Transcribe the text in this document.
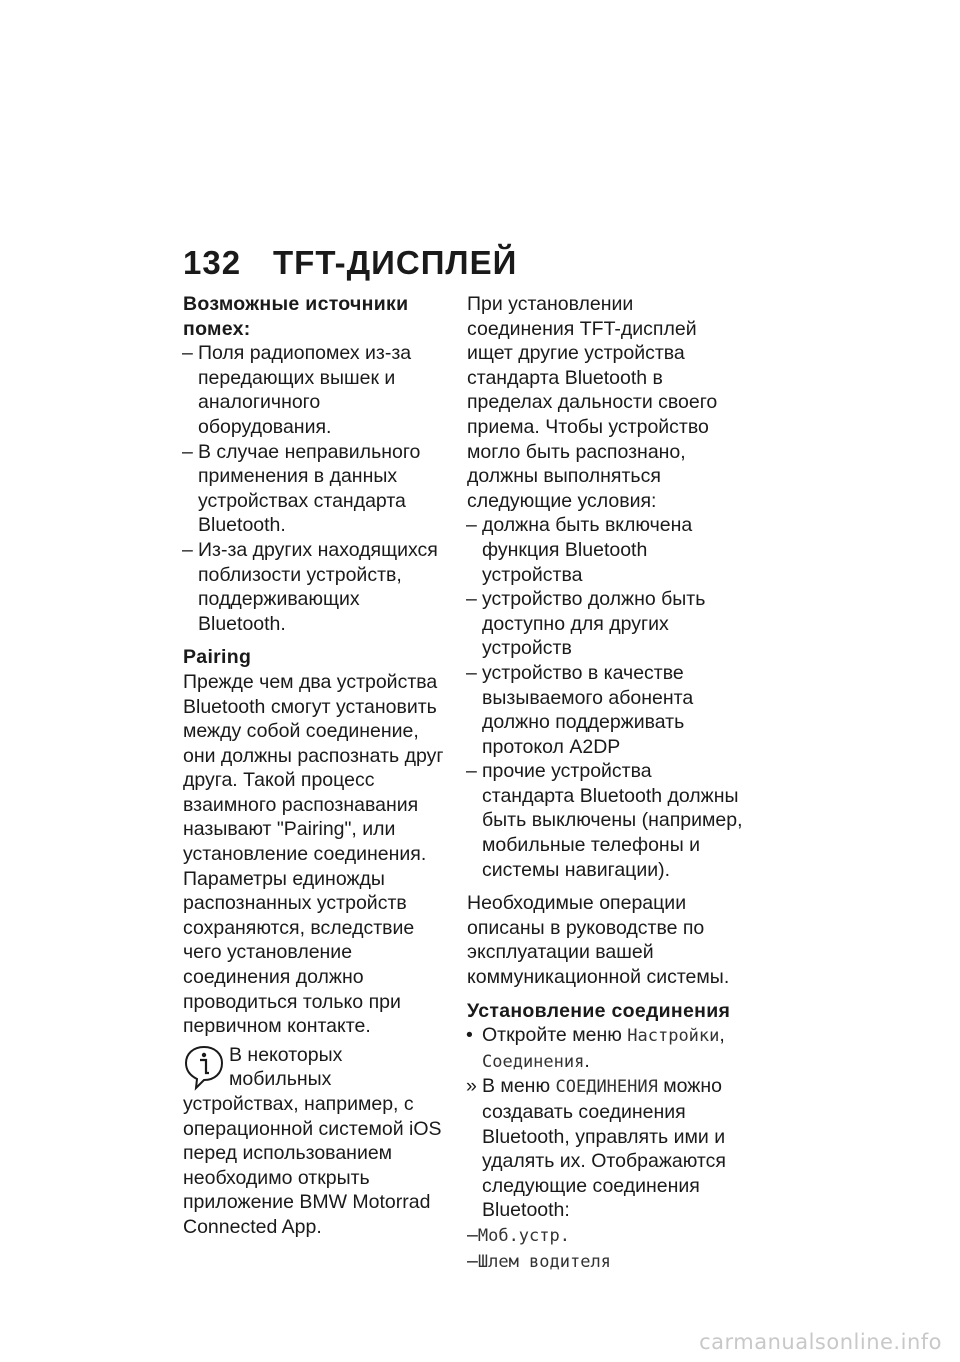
132 TFT-ДИСПЛЕЙ
Возможные источники помех:
– Поля радиопомех из-за передающих вышек и аналогичного оборудования.
– В случае неправильного применения в данных устройствах стандарта Bluetooth.
– Из-за других находящихся поблизости устройств, поддерживающих Bluetooth.
Pairing

Прежде чем два устройства Bluetooth смогут установить между собой соединение, они должны распознать друг друга. Такой процесс взаимного распознавания называют "Pairing", или установление соединения. Параметры единожды распознанных устройств сохраняются, вследствие чего установление соединения должно проводиться только при первичном контакте.

В некоторых мобильных устройствах, например, с операционной системой iOS перед использованием необходимо открыть приложение BMW Motorrad Connected App.

При установлении соединения TFT-дисплей ищет другие устройства стандарта Bluetooth в пределах дальности своего приема. Чтобы устройство могло быть распознано, должны выполняться следующие условия:

– должна быть включена функция Bluetooth устройства
– устройство должно быть доступно для других устройств
– устройство в качестве вызываемого абонента должно поддерживать протокол A2DP
– прочие устройства стандарта Bluetooth должны быть выключены (например, мобильные телефоны и системы навигации).

Необходимые операции описаны в руководстве по эксплуатации вашей коммуникационной системы.

Установление соединения
• Откройте меню Настройки, Соединения.
» В меню СОЕДИНЕНИЯ можно создавать соединения Bluetooth, управлять ими и удалять их. Отображаются следующие соединения Bluetooth:
–Моб.устр.
–Шлем водителя
carmanualsonline.info
